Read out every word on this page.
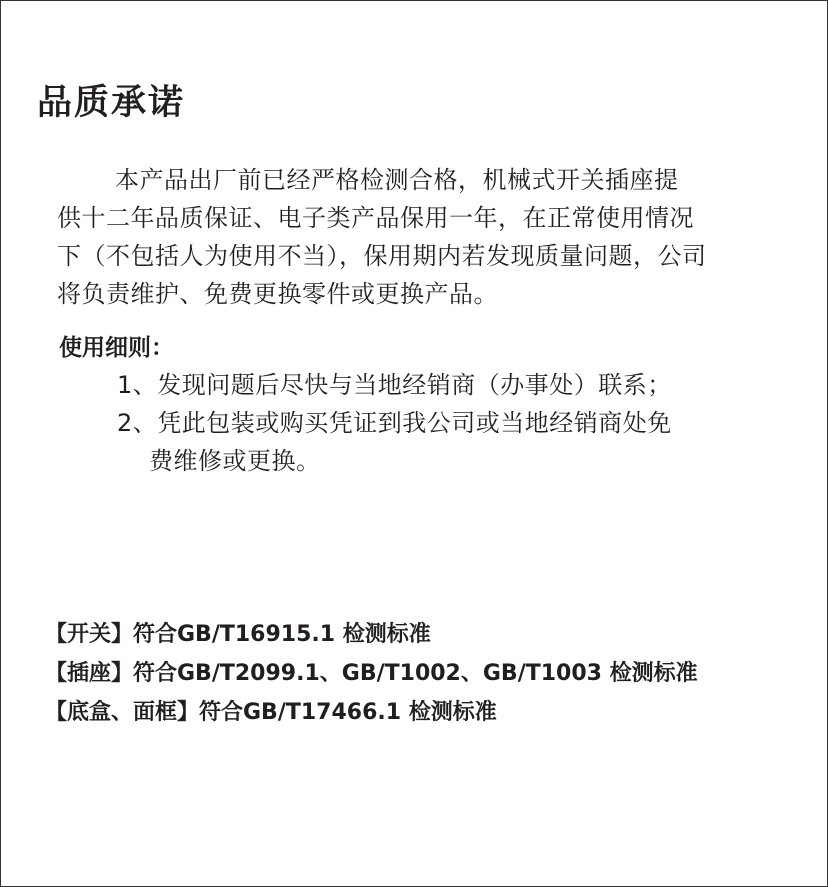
品质承诺
本产品出厂前已经严格检测合格，机械式开关插座提
供十二年品质保证、电子类产品保用一年，在正常使用情况
下（不包括人为使用不当），保用期内若发现质量问题，公司
将负责维护、免费更换零件或更换产品。
使用细则：
1、发现问题后尽快与当地经销商（办事处）联系；
2、凭此包装或购买凭证到我公司或当地经销商处免
费维修或更换。
【开关】符合GB/T16915.1 检测标准
【插座】符合GB/T2099.1、GB/T1002、GB/T1003 检测标准
【底盒、面框】符合GB/T17466.1 检测标准
